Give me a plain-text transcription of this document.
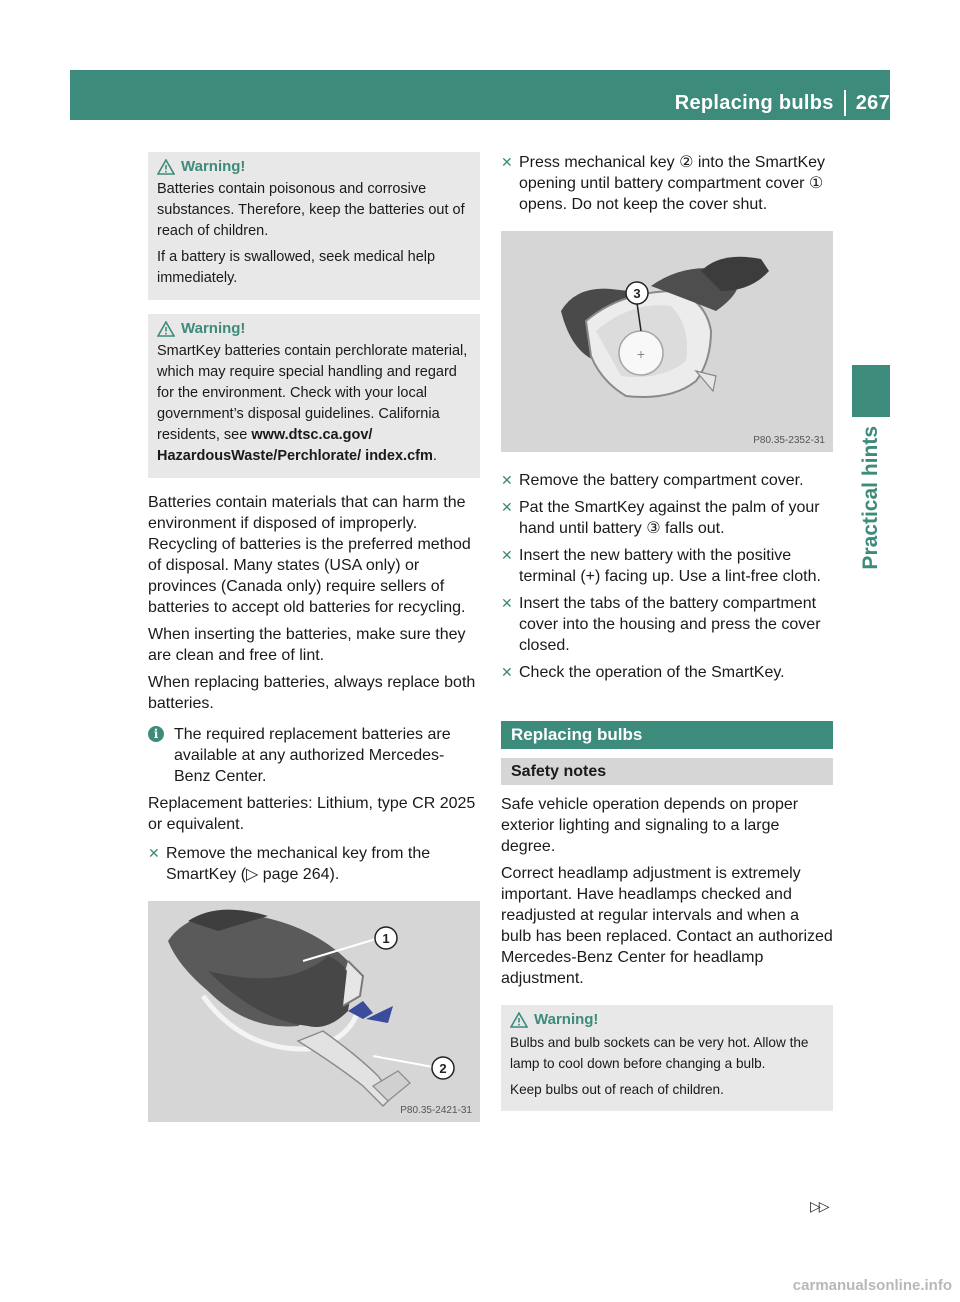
Replacing bulbs 267
Practical hints
Warning!

Batteries contain poisonous and corrosive substances. Therefore, keep the batteries out of reach of children.

If a battery is swallowed, seek medical help immediately.

Warning!

SmartKey batteries contain perchlorate material, which may require special handling and regard for the environment. Check with your local government’s disposal guidelines. California residents, see www.dtsc.ca.gov/ HazardousWaste/Perchlorate/ index.cfm.

Batteries contain materials that can harm the environment if disposed of improperly. Recycling of batteries is the preferred method of disposal. Many states (USA only) or provinces (Canada only) require sellers of batteries to accept old batteries for recycling.

When inserting the batteries, make sure they are clean and free of lint.

When replacing batteries, always replace both batteries.

i The required replacement batteries are available at any authorized Mercedes-Benz Center.

Replacement batteries: Lithium, type CR 2025 or equivalent.

✕ Remove the mechanical key from the SmartKey (▷ page 264).

1
2
P80.35-2421-31
✕ Press mechanical key ② into the SmartKey opening until battery compartment cover ① opens. Do not keep the cover shut.

+
3
P80.35-2352-31
✕ Remove the battery compartment cover.

✕ Pat the SmartKey against the palm of your hand until battery ③ falls out.

✕ Insert the new battery with the positive terminal (+) facing up. Use a lint-free cloth.

✕ Insert the tabs of the battery compartment cover into the housing and press the cover closed.

✕ Check the operation of the SmartKey.

Replacing bulbs
Safety notes

Safe vehicle operation depends on proper exterior lighting and signaling to a large degree.

Correct headlamp adjustment is extremely important. Have headlamps checked and readjusted at regular intervals and when a bulb has been replaced. Contact an authorized Mercedes-Benz Center for headlamp adjustment.

Warning!

Bulbs and bulb sockets can be very hot. Allow the lamp to cool down before changing a bulb.

Keep bulbs out of reach of children.

▷▷
carmanualsonline.info
